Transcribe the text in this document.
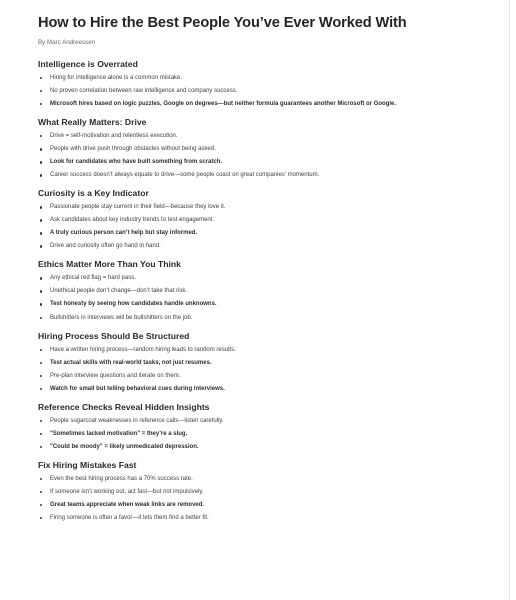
How to Hire the Best People You’ve Ever Worked With
By Marc Andreessen
Intelligence is Overrated
Hiring for intelligence alone is a common mistake.
No proven correlation between raw intelligence and company success.
Microsoft hires based on logic puzzles, Google on degrees—but neither formula guarantees another Microsoft or Google.
What Really Matters: Drive
Drive = self-motivation and relentless execution.
People with drive push through obstacles without being asked.
Look for candidates who have built something from scratch.
Career success doesn’t always equate to drive—some people coast on great companies’ momentum.
Curiosity is a Key Indicator
Passionate people stay current in their field—because they love it.
Ask candidates about key industry trends to test engagement.
A truly curious person can’t help but stay informed.
Drive and curiosity often go hand in hand.
Ethics Matter More Than You Think
Any ethical red flag = hard pass.
Unethical people don’t change—don’t take that risk.
Test honesty by seeing how candidates handle unknowns.
Bullshitters in interviews will be bullshitters on the job.
Hiring Process Should Be Structured
Have a written hiring process—random hiring leads to random results.
Test actual skills with real-world tasks, not just resumes.
Pre-plan interview questions and iterate on them.
Watch for small but telling behavioral cues during interviews.
Reference Checks Reveal Hidden Insights
People sugarcoat weaknesses in reference calls—listen carefully.
"Sometimes lacked motivation" = they’re a slug.
"Could be moody" = likely unmedicated depression.
Fix Hiring Mistakes Fast
Even the best hiring process has a 70% success rate.
If someone isn’t working out, act fast—but not impulsively.
Great teams appreciate when weak links are removed.
Firing someone is often a favor—it lets them find a better fit.
